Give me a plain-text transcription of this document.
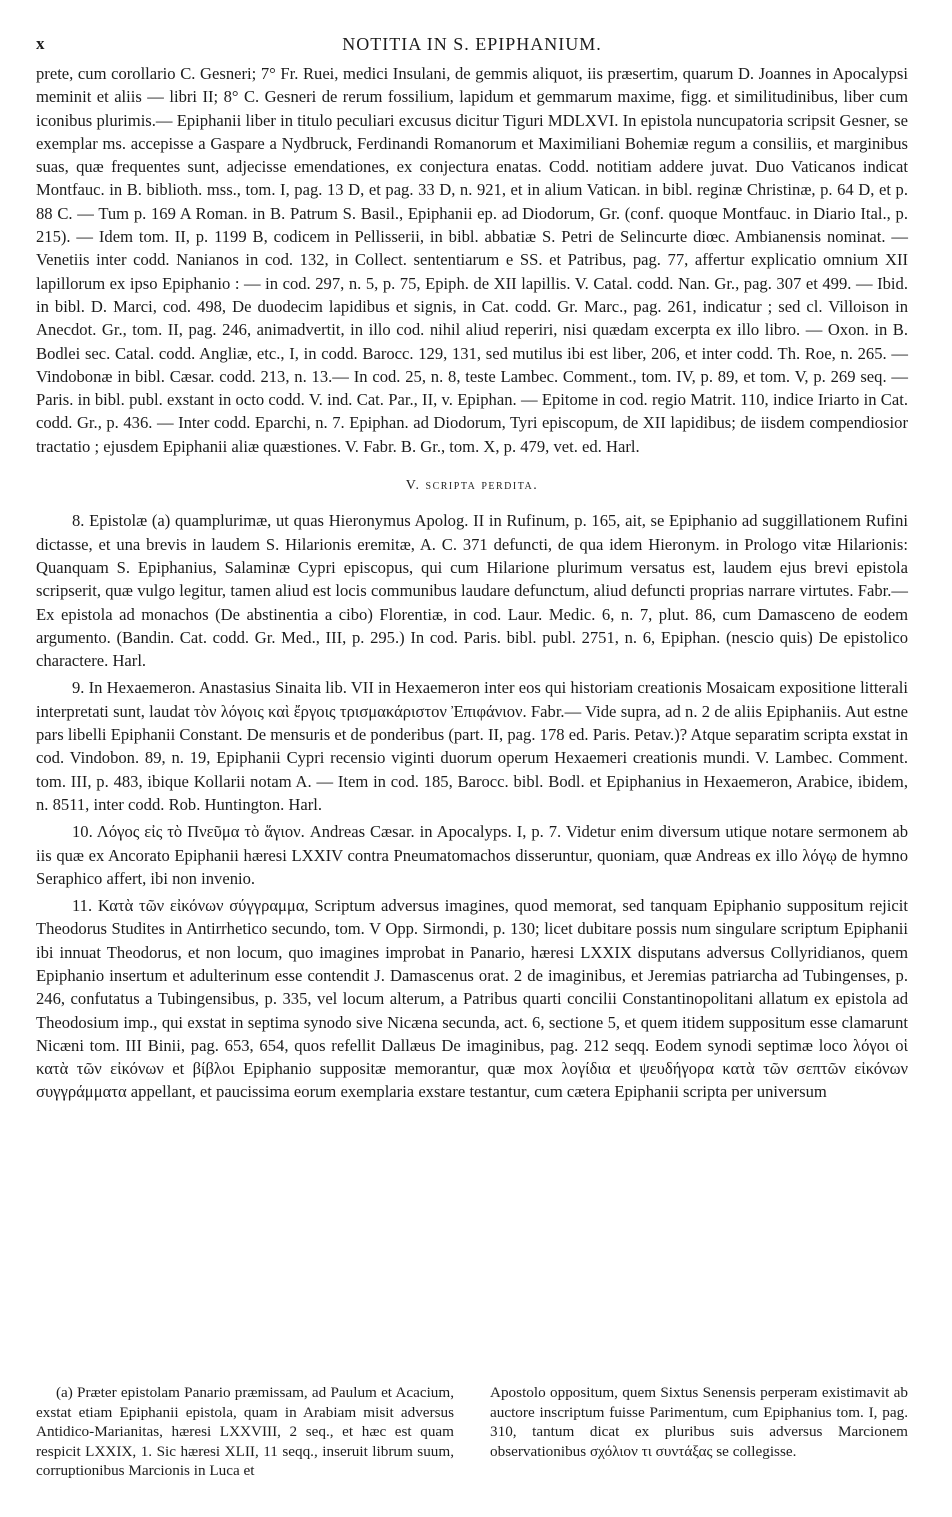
x	NOTITIA IN S. EPIPHANIUM.

prete, cum corollario C. Gesneri; 7° Fr. Ruei, medici Insulani, de gemmis aliquot, iis præsertim, quarum D. Joannes in Apocalypsi meminit et aliis — libri II; 8° C. Gesneri de rerum fossilium, lapidum et gemmarum maxime, figg. et similitudinibus, liber cum iconibus plurimis.— Epiphanii liber in titulo peculiari excusus dicitur Tiguri MDLXVI. In epistola nuncupatoria scripsit Gesner, se exemplar ms. accepisse a Gaspare a Nydbruck, Ferdinandi Romanorum et Maximiliani Bohemiæ regum a consiliis, et marginibus suas, quæ frequentes sunt, adjecisse emendationes, ex conjectura enatas. Codd. notitiam addere juvat. Duo Vaticanos indicat Montfauc. in B. biblioth. mss., tom. I, pag. 13 D, et pag. 33 D, n. 921, et in alium Vatican. in bibl. reginæ Christinæ, p. 64 D, et p. 88 C. — Tum p. 169 A Roman. in B. Patrum S. Basil., Epiphanii ep. ad Diodorum, Gr. (conf. quoque Montfauc. in Diario Ital., p. 215). — Idem tom. II, p. 1199 B, codicem in Pellisserii, in bibl. abbatiæ S. Petri de Selincurte diœc. Ambianensis nominat. — Venetiis inter codd. Nanianos in cod. 132, in Collect. sententiarum e SS. et Patribus, pag. 77, affertur explicatio omnium XII lapillorum ex ipso Epiphanio : — in cod. 297, n. 5, p. 75, Epiph. de XII lapillis. V. Catal. codd. Nan. Gr., pag. 307 et 499. — Ibid. in bibl. D. Marci, cod. 498, De duodecim lapidibus et signis, in Cat. codd. Gr. Marc., pag. 261, indicatur ; sed cl. Villoison in Anecdot. Gr., tom. II, pag. 246, animadvertit, in illo cod. nihil aliud reperiri, nisi quædam excerpta ex illo libro. — Oxon. in B. Bodlei sec. Catal. codd. Angliæ, etc., I, in codd. Barocc. 129, 131, sed mutilus ibi est liber, 206, et inter codd. Th. Roe, n. 265. — Vindobonæ in bibl. Cæsar. codd. 213, n. 13.— In cod. 25, n. 8, teste Lambec. Comment., tom. IV, p. 89, et tom. V, p. 269 seq. — Paris. in bibl. publ. exstant in octo codd. V. ind. Cat. Par., II, v. Epiphan. — Epitome in cod. regio Matrit. 110, indice Iriarto in Cat. codd. Gr., p. 436. — Inter codd. Eparchi, n. 7. Epiphan. ad Diodorum, Tyri episcopum, de XII lapidibus; de iisdem compendiosior tractatio ; ejusdem Epiphanii aliæ quæstiones. V. Fabr. B. Gr., tom. X, p. 479, vet. ed. Harl.

V. scripta perdita.

8. Epistolæ (a) quamplurimæ, ut quas Hieronymus Apolog. II in Rufinum, p. 165, ait, se Epiphanio ad suggillationem Rufini dictasse, et una brevis in laudem S. Hilarionis eremitæ, A. C. 371 defuncti, de qua idem Hieronym. in Prologo vitæ Hilarionis: Quanquam S. Epiphanius, Salaminæ Cypri episcopus, qui cum Hilarione plurimum versatus est, laudem ejus brevi epistola scripserit, quæ vulgo legitur, tamen aliud est locis communibus laudare defunctum, aliud defuncti proprias narrare virtutes. Fabr.—Ex epistola ad monachos (De abstinentia a cibo) Florentiæ, in cod. Laur. Medic. 6, n. 7, plut. 86, cum Damasceno de eodem argumento. (Bandin. Cat. codd. Gr. Med., III, p. 295.) In cod. Paris. bibl. publ. 2751, n. 6, Epiphan. (nescio quis) De epistolico charactere. Harl.

9. In Hexaemeron. Anastasius Sinaita lib. VII in Hexaemeron inter eos qui historiam creationis Mosaicam expositione litterali interpretati sunt, laudat τὸν λόγοις καὶ ἔργοις τρισμακάριστον Ἐπιφάνιον. Fabr.— Vide supra, ad n. 2 de aliis Epiphaniis. Aut estne pars libelli Epiphanii Constant. De mensuris et de ponderibus (part. II, pag. 178 ed. Paris. Petav.)? Atque separatim scripta exstat in cod. Vindobon. 89, n. 19, Epiphanii Cypri recensio viginti duorum operum Hexaemeri creationis mundi. V. Lambec. Comment. tom. III, p. 483, ibique Kollarii notam A. — Item in cod. 185, Barocc. bibl. Bodl. et Epiphanius in Hexaemeron, Arabice, ibidem, n. 8511, inter codd. Rob. Huntington. Harl.

10. Λόγος εἰς τὸ Πνεῦμα τὸ ἅγιον. Andreas Cæsar. in Apocalyps. I, p. 7. Videtur enim diversum utique notare sermonem ab iis quæ ex Ancorato Epiphanii hæresi LXXIV contra Pneumatomachos disseruntur, quoniam, quæ Andreas ex illo λόγῳ de hymno Seraphico affert, ibi non invenio.

11. Κατὰ τῶν εἰκόνων σύγγραμμα, Scriptum adversus imagines, quod memorat, sed tanquam Epiphanio suppositum rejicit Theodorus Studites in Antirrhetico secundo, tom. V Opp. Sirmondi, p. 130; licet dubitare possis num singulare scriptum Epiphanii ibi innuat Theodorus, et non locum, quo imagines improbat in Panario, hæresi LXXIX disputans adversus Collyridianos, quem Epiphanio insertum et adulterinum esse contendit J. Damascenus orat. 2 de imaginibus, et Jeremias patriarcha ad Tubingenses, p. 246, confutatus a Tubingensibus, p. 335, vel locum alterum, a Patribus quarti concilii Constantinopolitani allatum ex epistola ad Theodosium imp., qui exstat in septima synodo sive Nicæna secunda, act. 6, sectione 5, et quem itidem suppositum esse clamarunt Nicæni tom. III Binii, pag. 653, 654, quos refellit Dallæus De imaginibus, pag. 212 seqq. Eodem synodi septimæ loco λόγοι οἱ κατὰ τῶν εἰκόνων et βίβλοι Epiphanio suppositæ memorantur, quæ mox λογίδια et ψευδήγορα κατὰ τῶν σεπτῶν εἰκόνων συγγράμματα appellant, et paucissima eorum exemplaria exstare testantur, cum cætera Epiphanii scripta per universum

(a) Præter epistolam Panario præmissam, ad Paulum et Acacium, exstat etiam Epiphanii epistola, quam in Arabiam misit adversus Antidico-Marianitas, hæresi LXXVIII, 2 seq., et hæc est quam respicit LXXIX, 1. Sic hæresi XLII, 11 seqq., inseruit librum suum, corruptionibus Marcionis in Luca et
Apostolo oppositum, quem Sixtus Senensis perperam existimavit ab auctore inscriptum fuisse Parimentum, cum Epiphanius tom. I, pag. 310, tantum dicat ex pluribus suis adversus Marcionem observationibus σχόλιον τι συντάξας se collegisse.
